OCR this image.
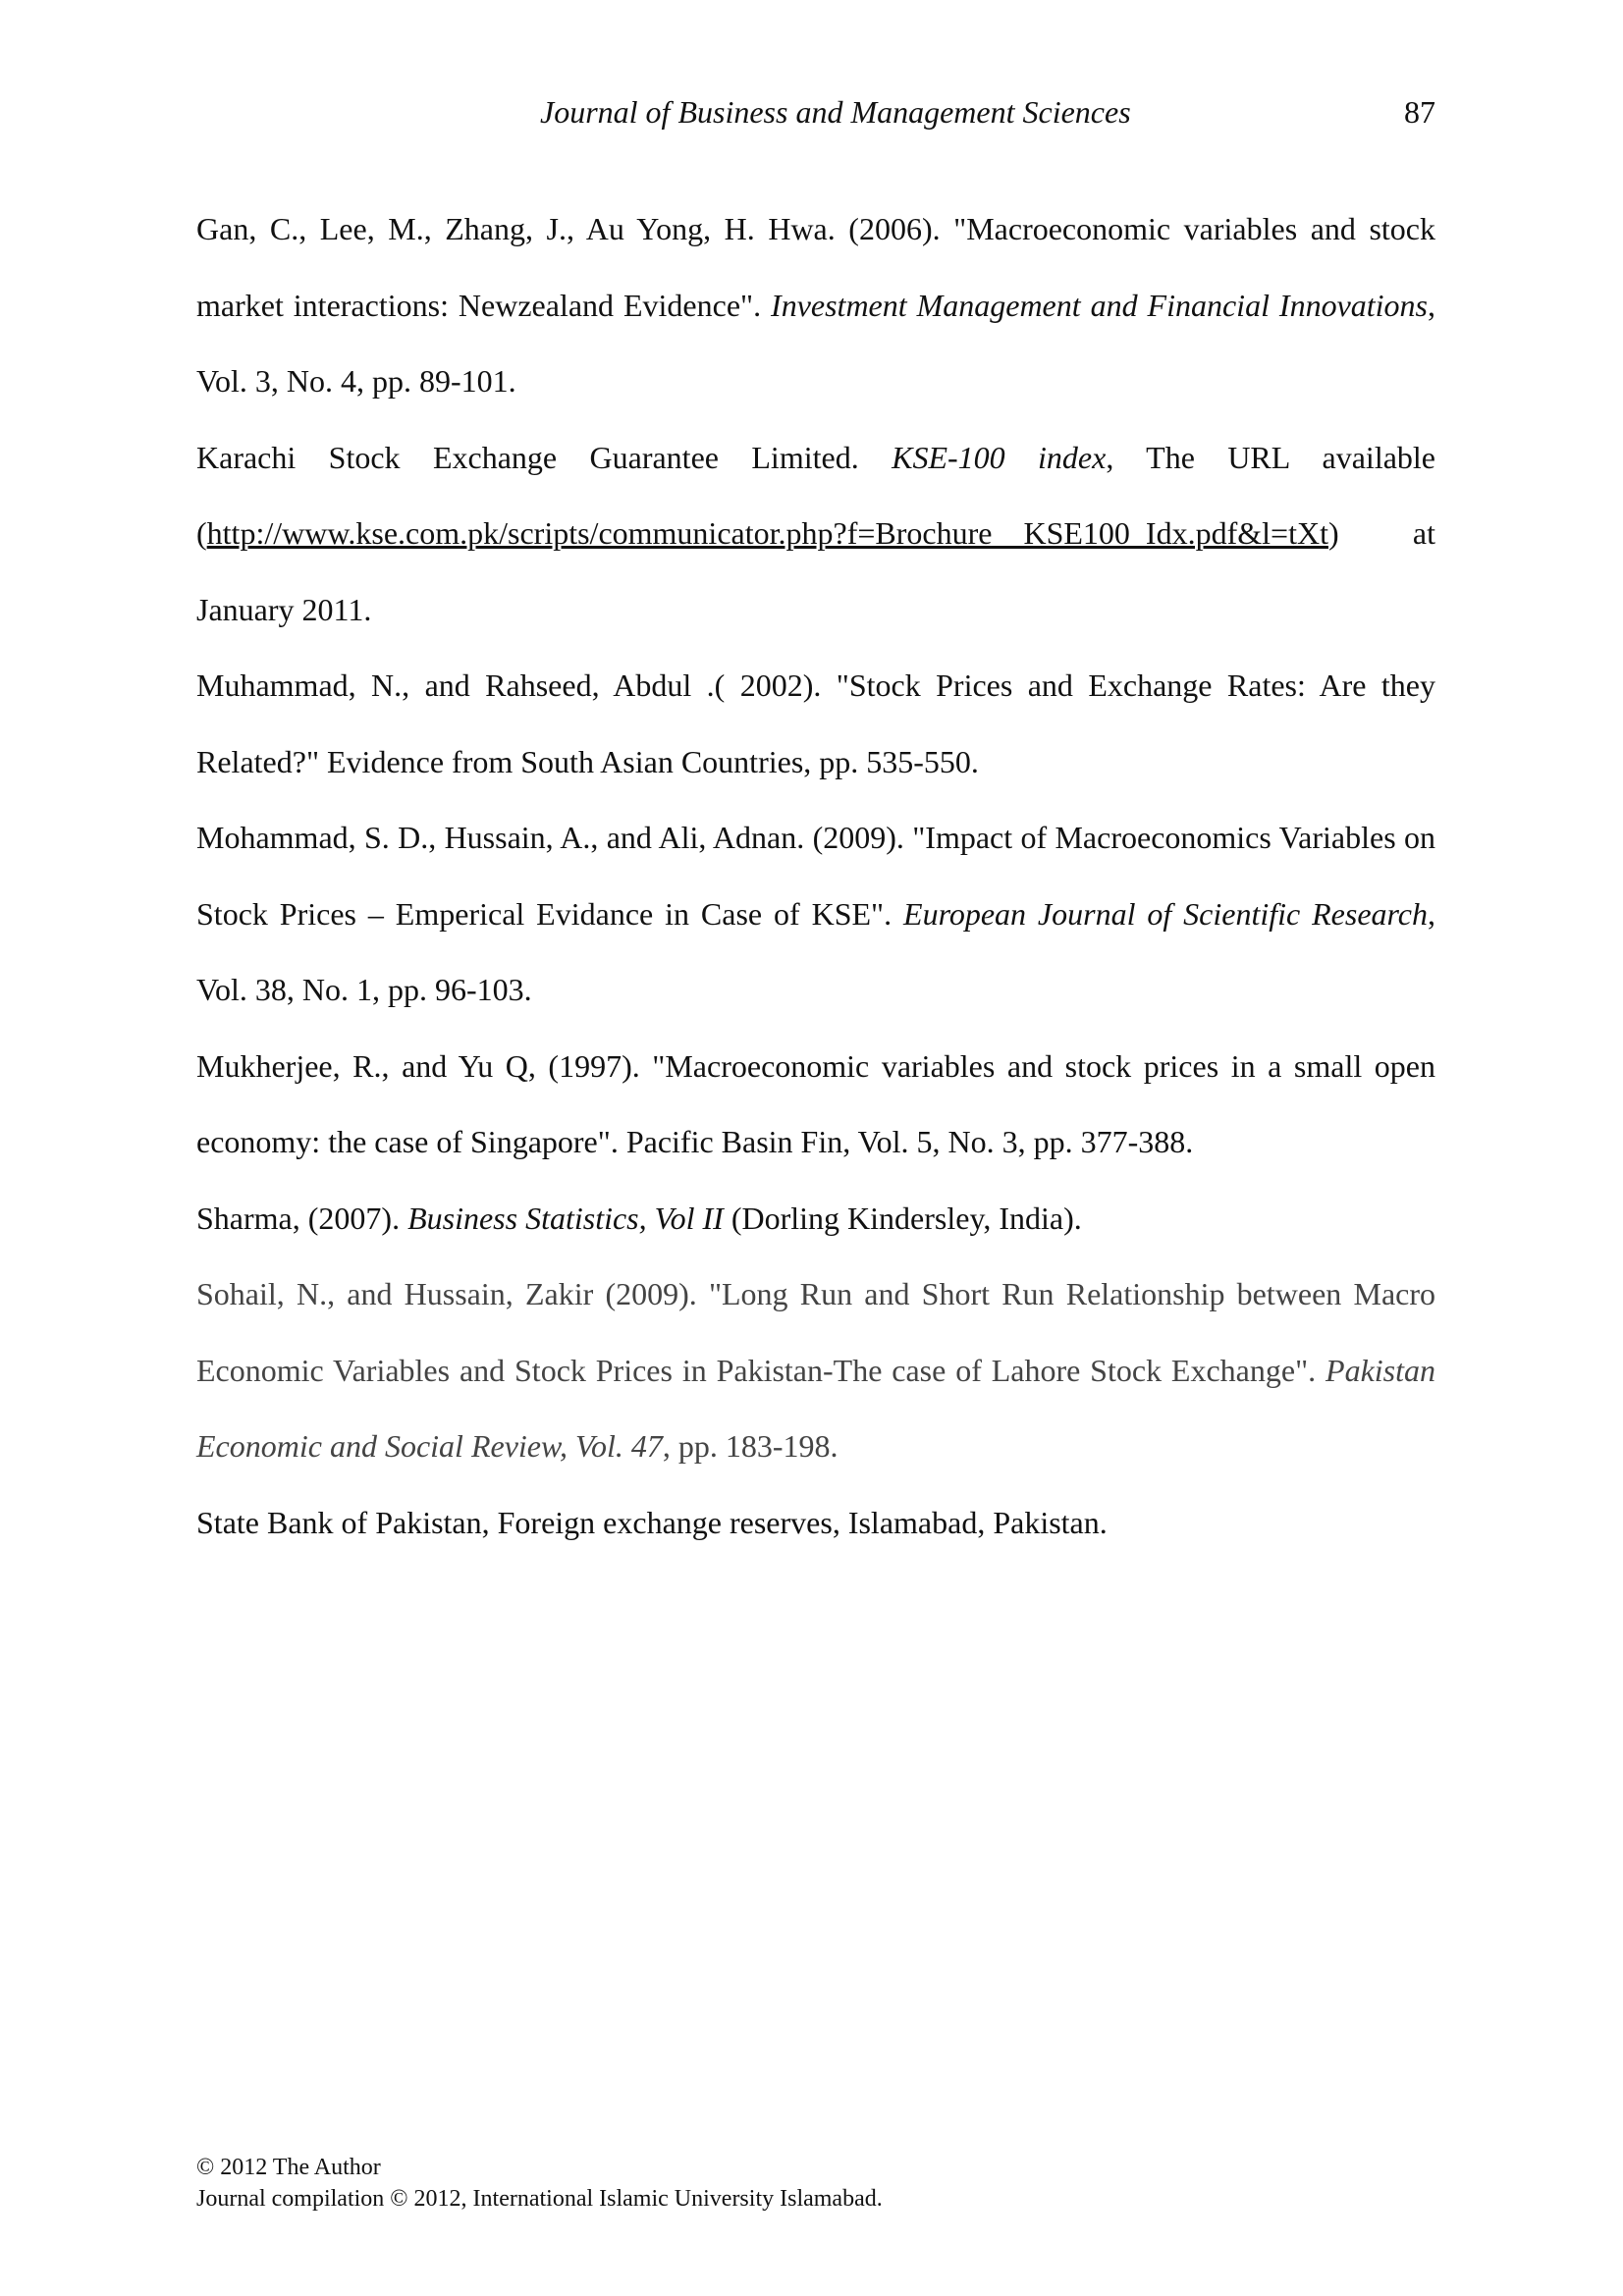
Journal of Business and Management Sciences	87

Gan, C., Lee, M., Zhang, J., Au Yong, H. Hwa. (2006). "Macroeconomic variables and stock market interactions: Newzealand Evidence". Investment Management and Financial Innovations, Vol. 3, No. 4, pp. 89-101.

Karachi Stock Exchange Guarantee Limited. KSE-100 index, The URL available (http://www.kse.com.pk/scripts/communicator.php?f=Brochure__KSE100_Idx.pdf&l=tXt) at January 2011.

Muhammad, N., and Rahseed, Abdul .( 2002). "Stock Prices and Exchange Rates: Are they Related?" Evidence from South Asian Countries, pp. 535-550.

Mohammad, S. D., Hussain, A., and Ali, Adnan. (2009). "Impact of Macroeconomics Variables on Stock Prices – Emperical Evidance in Case of KSE". European Journal of Scientific Research, Vol. 38, No. 1, pp. 96-103.

Mukherjee, R., and Yu Q, (1997). "Macroeconomic variables and stock prices in a small open economy: the case of Singapore". Pacific Basin Fin, Vol. 5, No. 3, pp. 377-388.

Sharma, (2007). Business Statistics, Vol II (Dorling Kindersley, India).

Sohail, N., and Hussain, Zakir (2009). "Long Run and Short Run Relationship between Macro Economic Variables and Stock Prices in Pakistan-The case of Lahore Stock Exchange". Pakistan Economic and Social Review, Vol. 47, pp. 183-198.

State Bank of Pakistan, Foreign exchange reserves, Islamabad, Pakistan.

© 2012 The Author
Journal compilation © 2012, International Islamic University Islamabad.
